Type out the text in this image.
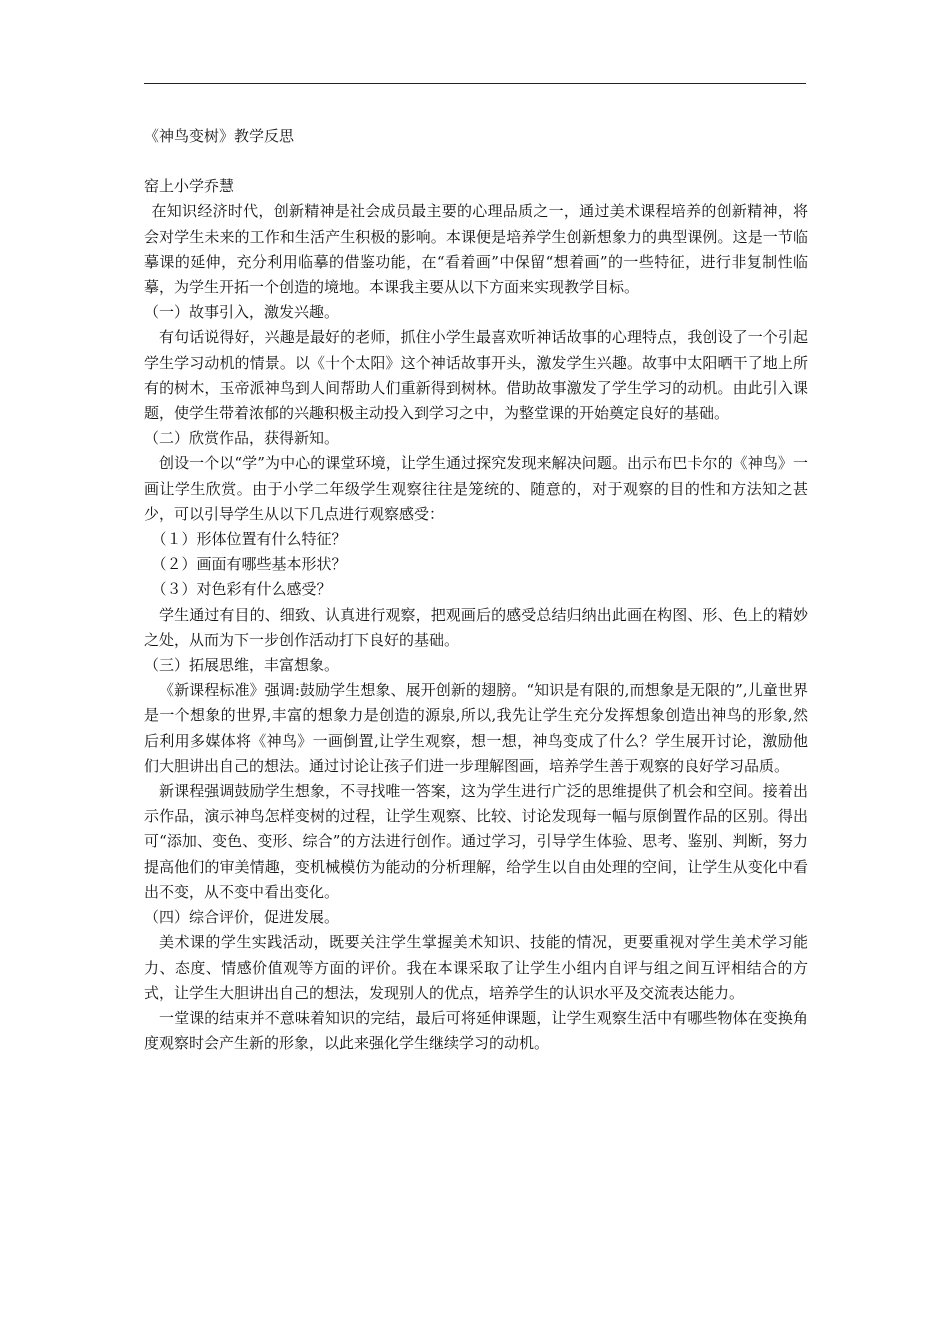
《神鸟变树》教学反思

窑上小学乔慧

在知识经济时代，创新精神是社会成员最主要的心理品质之一，通过美术课程培养的创新精神，将会对学生未来的工作和生活产生积极的影响。本课便是培养学生创新想象力的典型课例。这是一节临摹课的延伸，充分利用临摹的借鉴功能，在“看着画”中保留“想着画”的一些特征，进行非复制性临摹，为学生开拓一个创造的境地。本课我主要从以下方面来实现教学目标。

（一）故事引入，激发兴趣。

有句话说得好，兴趣是最好的老师，抓住小学生最喜欢听神话故事的心理特点，我创设了一个引起学生学习动机的情景。以《十个太阳》这个神话故事开头，激发学生兴趣。故事中太阳晒干了地上所有的树木，玉帝派神鸟到人间帮助人们重新得到树林。借助故事激发了学生学习的动机。由此引入课题，使学生带着浓郁的兴趣积极主动投入到学习之中，为整堂课的开始奠定良好的基础。

（二）欣赏作品，获得新知。

创设一个以“学”为中心的课堂环境，让学生通过探究发现来解决问题。出示布巴卡尔的《神鸟》一画让学生欣赏。由于小学二年级学生观察往往是笼统的、随意的，对于观察的目的性和方法知之甚少，可以引导学生从以下几点进行观察感受：

（１）形体位置有什么特征？

（２）画面有哪些基本形状？

（３）对色彩有什么感受？

学生通过有目的、细致、认真进行观察，把观画后的感受总结归纳出此画在构图、形、色上的精妙之处，从而为下一步创作活动打下良好的基础。

（三）拓展思维，丰富想象。

《新课程标准》强调:鼓励学生想象、展开创新的翅膀。“知识是有限的,而想象是无限的”,儿童世界是一个想象的世界,丰富的想象力是创造的源泉,所以,我先让学生充分发挥想象创造出神鸟的形象,然后利用多媒体将《神鸟》一画倒置,让学生观察，想一想，神鸟变成了什么？学生展开讨论，激励他们大胆讲出自己的想法。通过讨论让孩子们进一步理解图画，培养学生善于观察的良好学习品质。

新课程强调鼓励学生想象，不寻找唯一答案，这为学生进行广泛的思维提供了机会和空间。接着出示作品，演示神鸟怎样变树的过程，让学生观察、比较、讨论发现每一幅与原倒置作品的区别。得出可“添加、变色、变形、综合”的方法进行创作。通过学习，引导学生体验、思考、鉴别、判断，努力提高他们的审美情趣，变机械模仿为能动的分析理解，给学生以自由处理的空间，让学生从变化中看出不变，从不变中看出变化。

（四）综合评价，促进发展。

美术课的学生实践活动，既要关注学生掌握美术知识、技能的情况，更要重视对学生美术学习能力、态度、情感价值观等方面的评价。我在本课采取了让学生小组内自评与组之间互评相结合的方式，让学生大胆讲出自己的想法，发现别人的优点，培养学生的认识水平及交流表达能力。

一堂课的结束并不意味着知识的完结，最后可将延伸课题，让学生观察生活中有哪些物体在变换角度观察时会产生新的形象，以此来强化学生继续学习的动机。
